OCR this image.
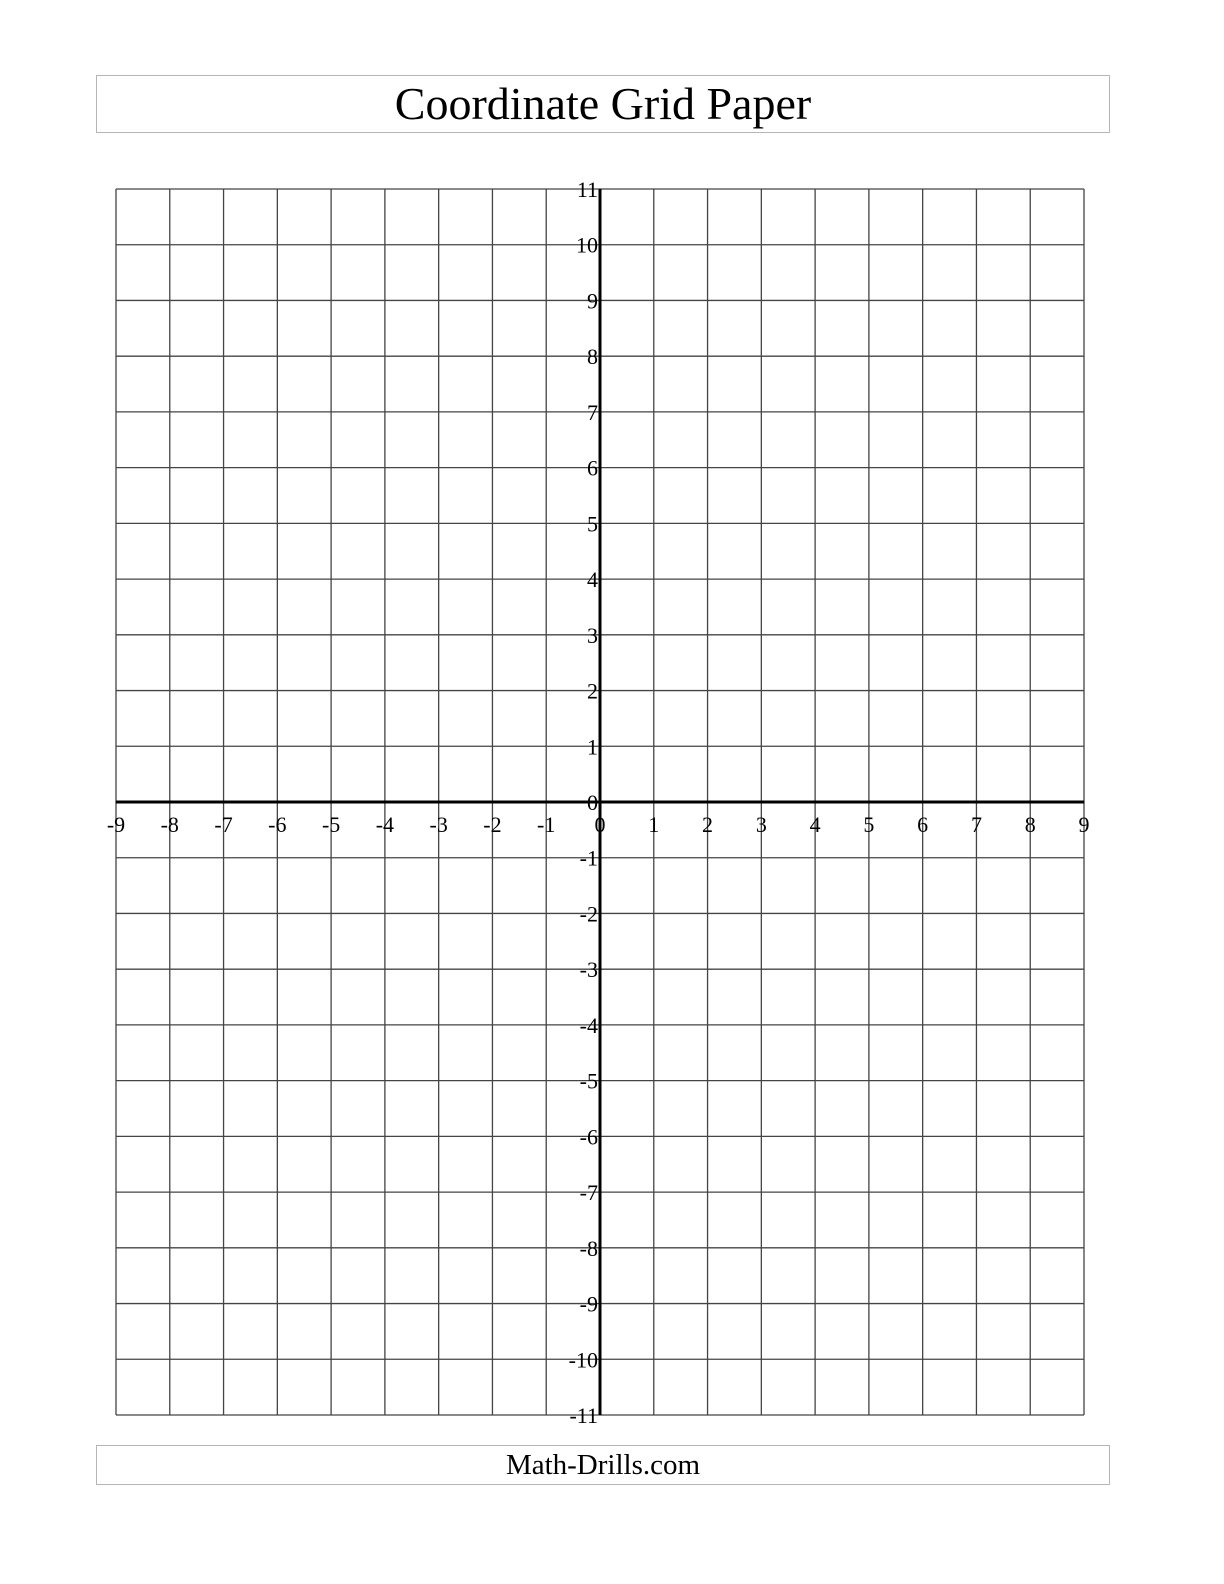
Coordinate Grid Paper
-9 -8 -7 -6 -5 -4 -3 -2 -1 0 1 2 3 4 5 6 7 8 9
11
10
9
8
7
6
5
4
3
2
1
0
-1
-2
-3
-4
-5
-6
-7
-8
-9
-10
-11
Math-Drills.com
